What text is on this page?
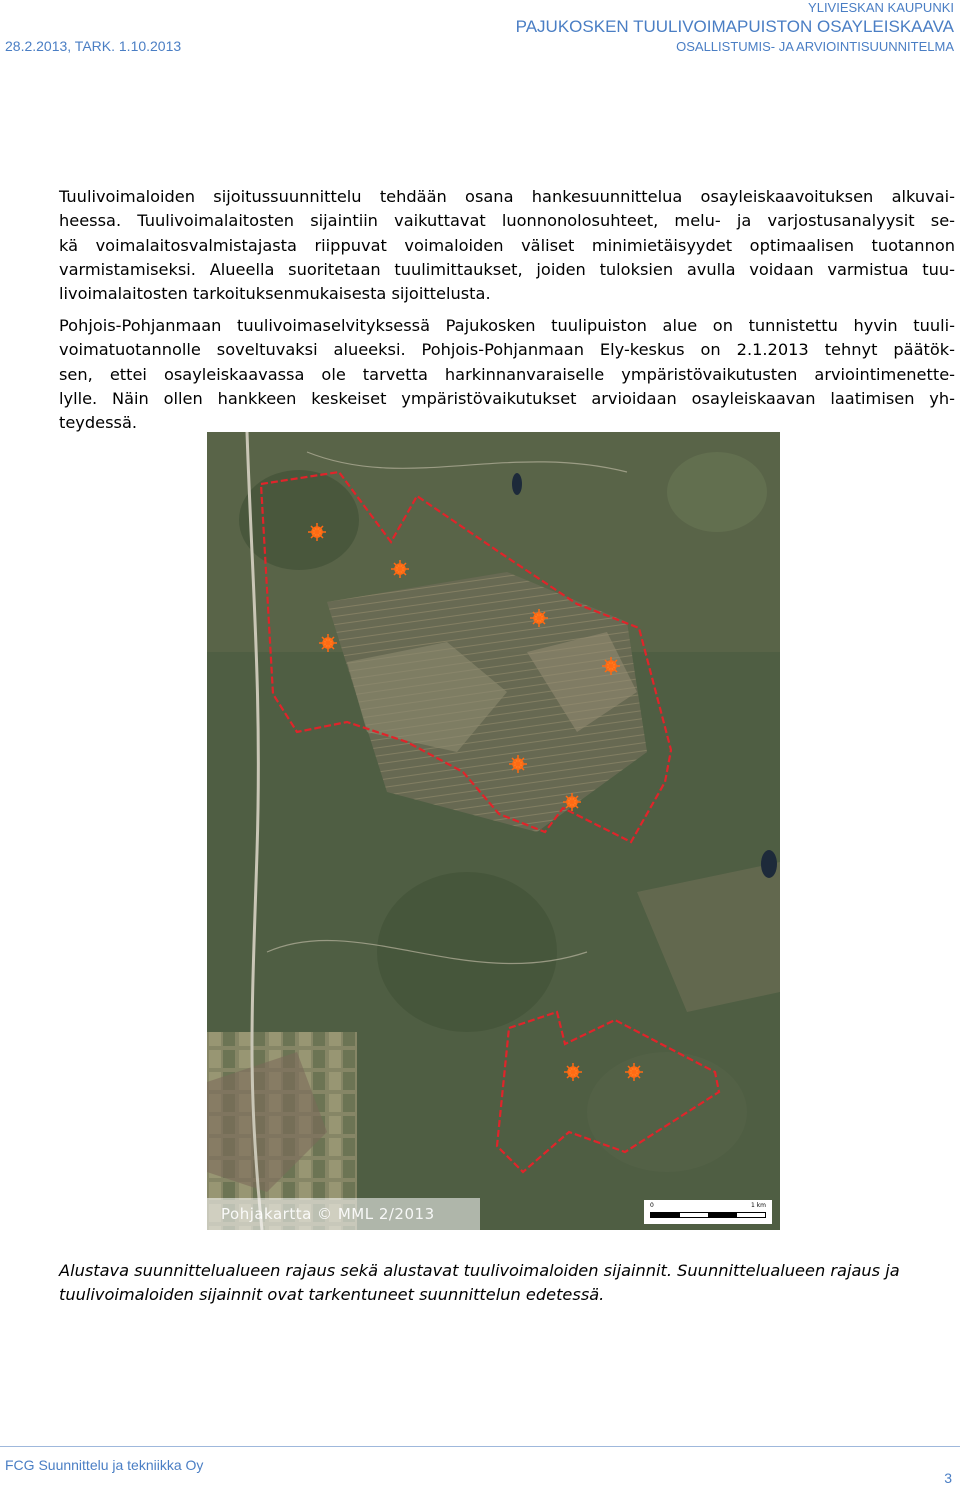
YLIVIESKAN KAUPUNKI
PAJUKOSKEN TUULIVOIMAPUISTON OSAYLEISKAAVA
OSALLISTUMIS- JA ARVIOINTISUUNNITELMA
28.2.2013, TARK. 1.10.2013
Tuulivoimaloiden sijoitussuunnittelu tehdään osana hankesuunnittelua osayleiskaavoituksen alkuvai-
heessa. Tuulivoimalaitosten sijaintiin vaikuttavat luonnonolosuhteet, melu- ja varjostusanalyysit se-
kä voimalaitosvalmistajasta riippuvat voimaloiden väliset minimietäisyydet optimaalisen tuotannon
varmistamiseksi. Alueella suoritetaan tuulimittaukset, joiden tuloksien avulla voidaan varmistua tuu-
livoimalaitosten tarkoituksenmukaisesta sijoittelusta.
Pohjois-Pohjanmaan tuulivoimaselvityksessä Pajukosken tuulipuiston alue on tunnistettu hyvin tuuli-
voimatuotannolle soveltuvaksi alueeksi. Pohjois-Pohjanmaan Ely-keskus on 2.1.2013 tehnyt päätök-
sen, ettei osayleiskaavassa ole tarvetta harkinnanvaraiselle ympäristövaikutusten arviointimenette-
lylle. Näin ollen hankkeen keskeiset ympäristövaikutukset arvioidaan osayleiskaavan laatimisen yh-
teydessä.
Pohjakartta © MML 2/2013	0	1 km

Alustava suunnittelualueen rajaus sekä alustavat tuulivoimaloiden sijainnit. Suunnittelualueen rajaus ja tuulivoimaloiden sijainnit ovat tarkentuneet suunnittelun edetessä.

FCG Suunnittelu ja tekniikka Oy
3
